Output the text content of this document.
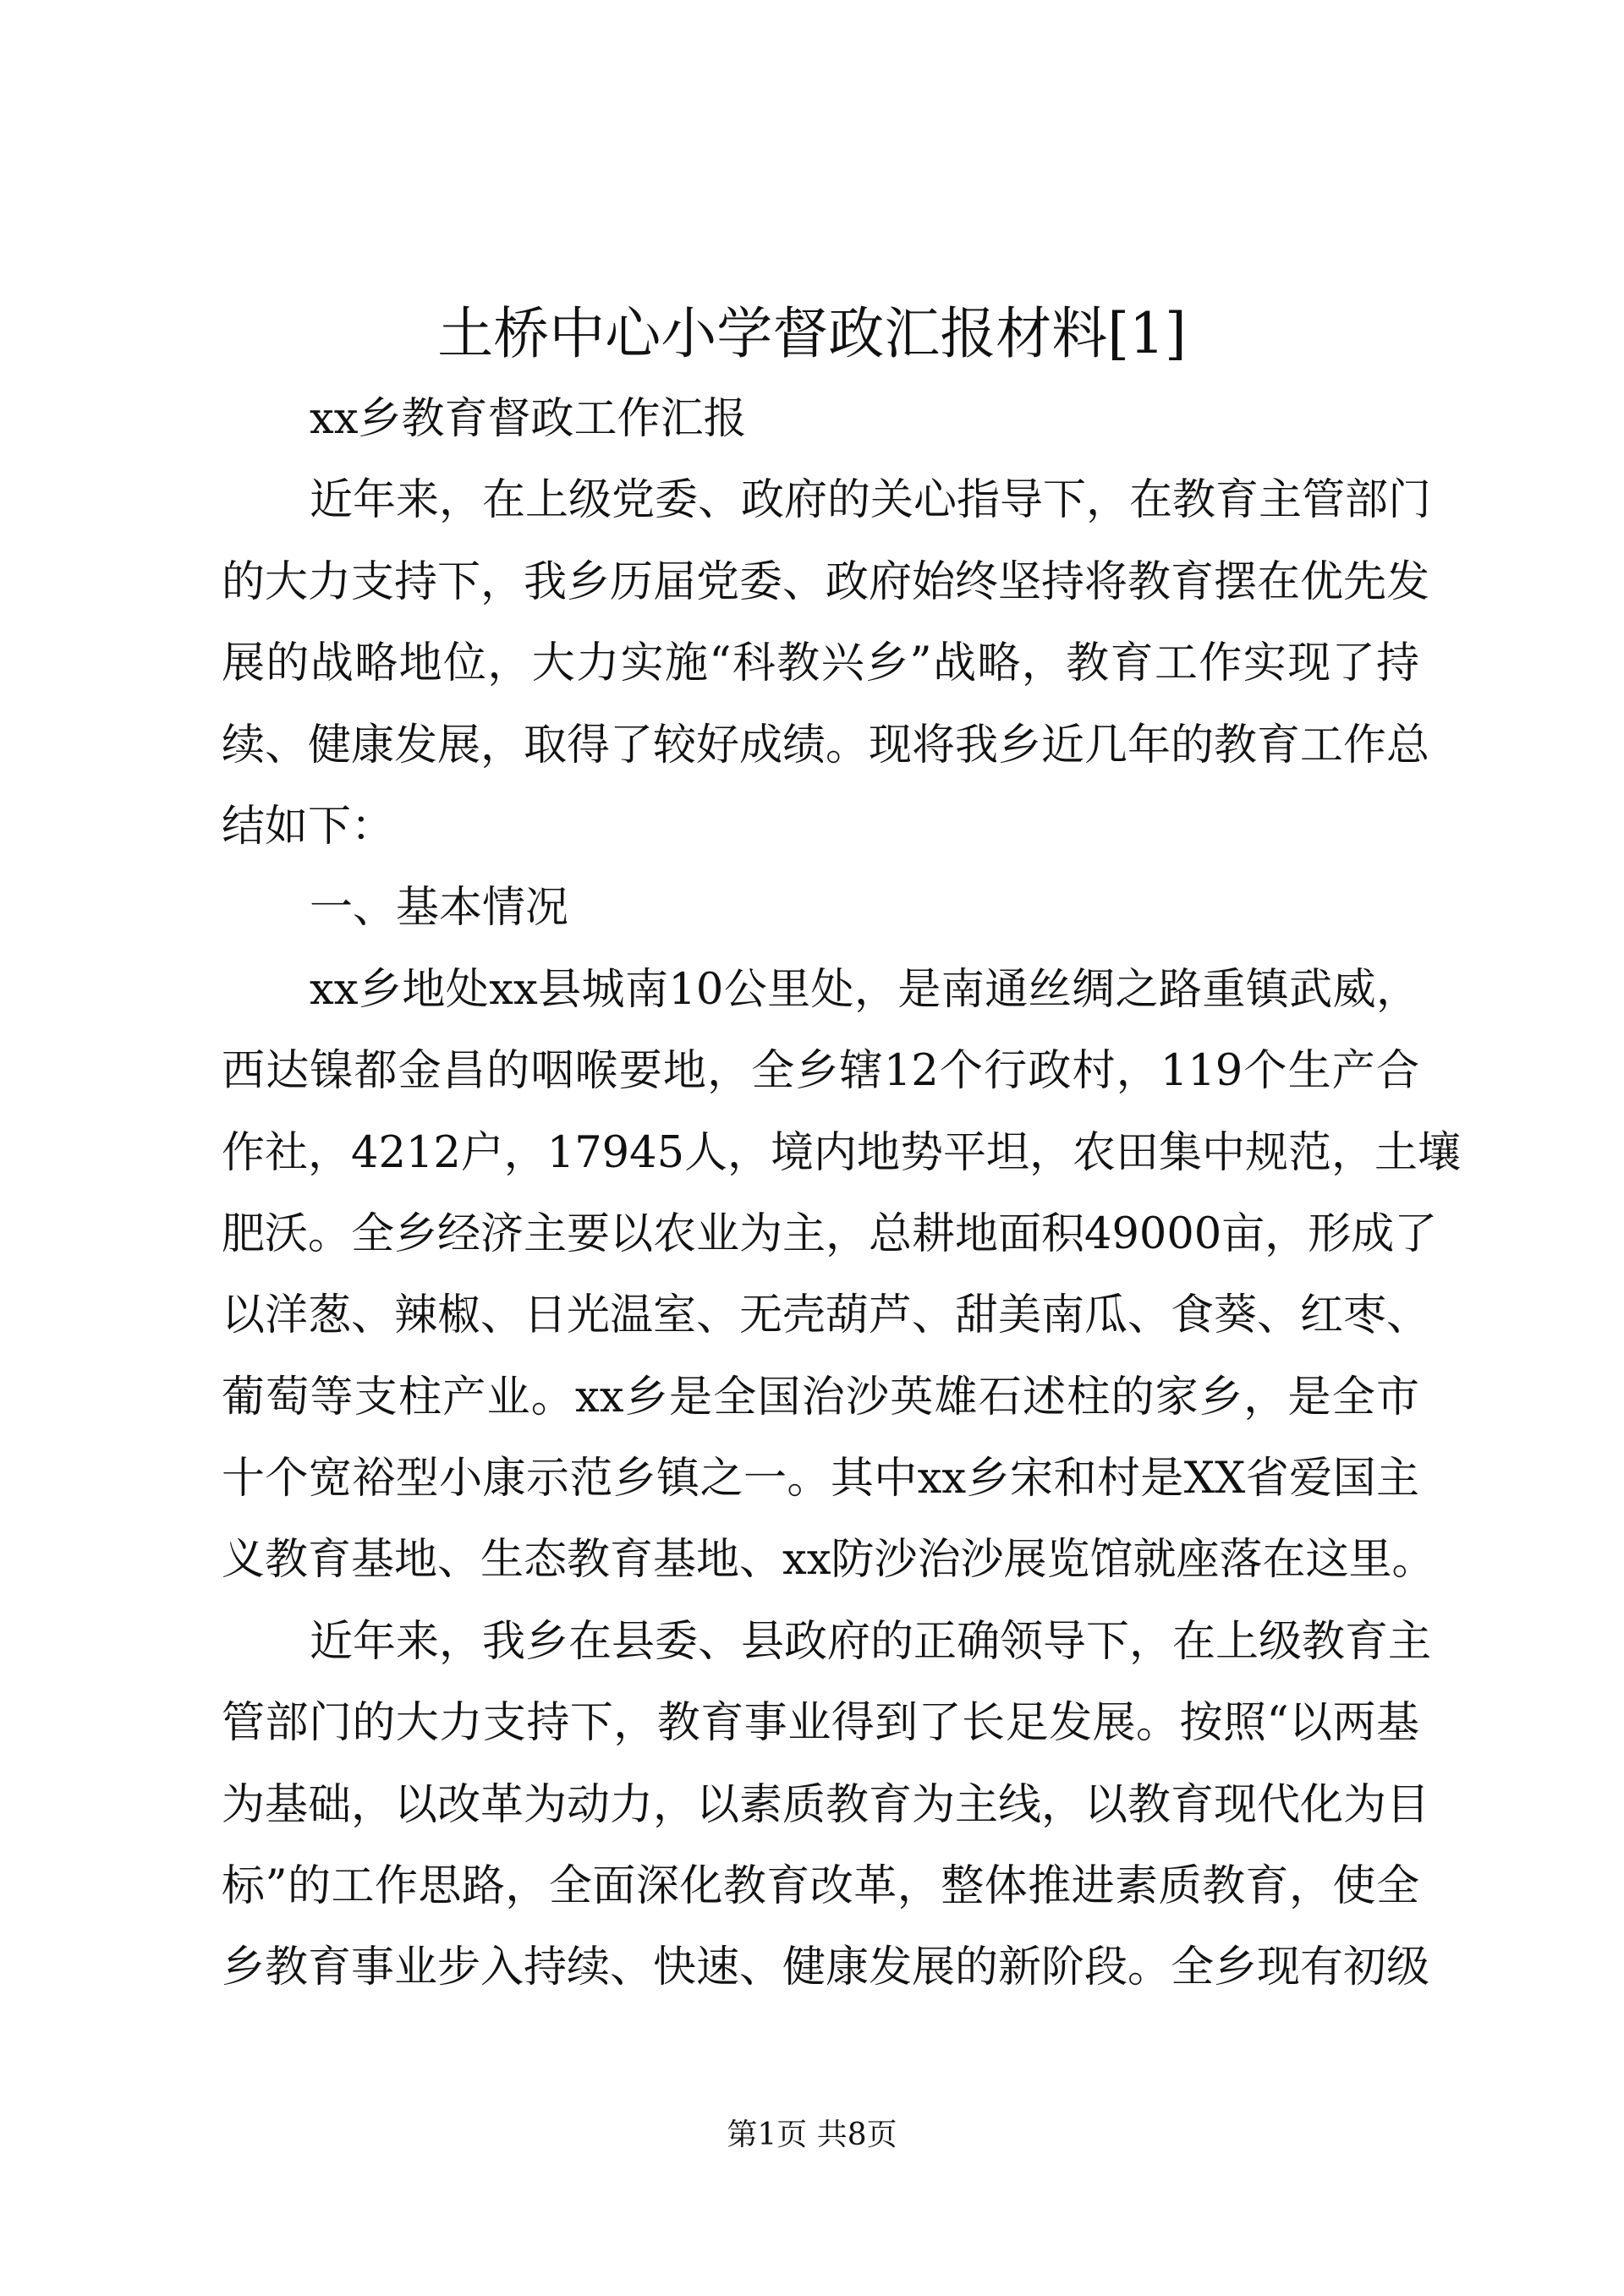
土桥中心小学督政汇报材料[1]
xx乡教育督政工作汇报
近年来，在上级党委、政府的关心指导下，在教育主管部门
的大力支持下，我乡历届党委、政府始终坚持将教育摆在优先发
展的战略地位，大力实施“科教兴乡”战略，教育工作实现了持
续、健康发展，取得了较好成绩。现将我乡近几年的教育工作总
结如下：
一、基本情况
xx乡地处xx县城南10公里处，是南通丝绸之路重镇武威，
西达镍都金昌的咽喉要地，全乡辖12个行政村，119个生产合
作社，4212户，17945人，境内地势平坦，农田集中规范，土壤
肥沃。全乡经济主要以农业为主，总耕地面积49000亩，形成了
以洋葱、辣椒、日光温室、无壳葫芦、甜美南瓜、食葵、红枣、
葡萄等支柱产业。xx乡是全国治沙英雄石述柱的家乡，是全市
十个宽裕型小康示范乡镇之一。其中xx乡宋和村是XX省爱国主
义教育基地、生态教育基地、xx防沙治沙展览馆就座落在这里。
近年来，我乡在县委、县政府的正确领导下，在上级教育主
管部门的大力支持下，教育事业得到了长足发展。按照“以两基
为基础，以改革为动力，以素质教育为主线，以教育现代化为目
标”的工作思路，全面深化教育改革，整体推进素质教育，使全
乡教育事业步入持续、快速、健康发展的新阶段。全乡现有初级
第1页 共8页
